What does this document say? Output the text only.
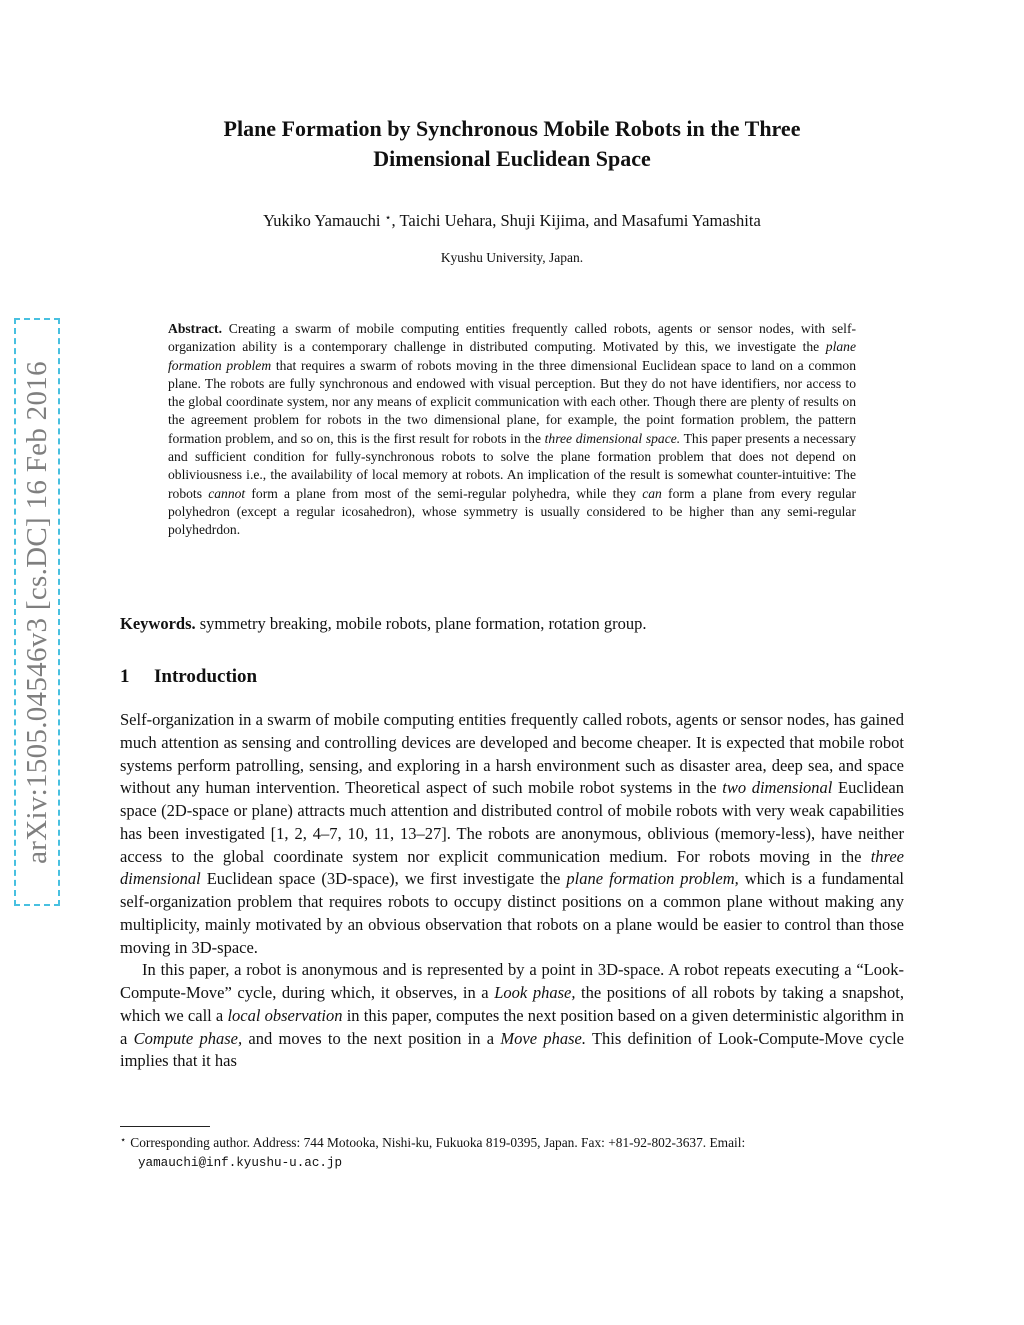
arXiv:1505.04546v3 [cs.DC] 16 Feb 2016
Plane Formation by Synchronous Mobile Robots in the Three
Dimensional Euclidean Space
Yukiko Yamauchi ⋆, Taichi Uehara, Shuji Kijima, and Masafumi Yamashita
Kyushu University, Japan.
Abstract. Creating a swarm of mobile computing entities frequently called robots, agents or sensor nodes, with self-organization ability is a contemporary challenge in distributed computing. Motivated by this, we investigate the plane formation problem that requires a swarm of robots moving in the three dimensional Euclidean space to land on a common plane. The robots are fully synchronous and endowed with visual perception. But they do not have identifiers, nor access to the global coordinate system, nor any means of explicit communication with each other. Though there are plenty of results on the agreement problem for robots in the two dimensional plane, for example, the point formation problem, the pattern formation problem, and so on, this is the first result for robots in the three dimensional space. This paper presents a necessary and sufficient condition for fully-synchronous robots to solve the plane formation problem that does not depend on obliviousness i.e., the availability of local memory at robots. An implication of the result is somewhat counter-intuitive: The robots cannot form a plane from most of the semi-regular polyhedra, while they can form a plane from every regular polyhedron (except a regular icosahedron), whose symmetry is usually considered to be higher than any semi-regular polyhedrdon.
Keywords. symmetry breaking, mobile robots, plane formation, rotation group.
1 Introduction

Self-organization in a swarm of mobile computing entities frequently called robots, agents or sensor nodes, has gained much attention as sensing and controlling devices are developed and become cheaper. It is expected that mobile robot systems perform patrolling, sensing, and exploring in a harsh environment such as disaster area, deep sea, and space without any human intervention. Theoretical aspect of such mobile robot systems in the two dimensional Euclidean space (2D-space or plane) attracts much attention and distributed control of mobile robots with very weak capabilities has been investigated [1, 2, 4–7, 10, 11, 13–27]. The robots are anonymous, oblivious (memory-less), have neither access to the global coordinate system nor explicit communication medium. For robots moving in the three dimensional Euclidean space (3D-space), we first investigate the plane formation problem, which is a fundamental self-organization problem that requires robots to occupy distinct positions on a common plane without making any multiplicity, mainly motivated by an obvious observation that robots on a plane would be easier to control than those moving in 3D-space.

In this paper, a robot is anonymous and is represented by a point in 3D-space. A robot repeats executing a “Look-Compute-Move” cycle, during which, it observes, in a Look phase, the positions of all robots by taking a snapshot, which we call a local observation in this paper, computes the next position based on a given deterministic algorithm in a Compute phase, and moves to the next position in a Move phase. This definition of Look-Compute-Move cycle implies that it has

⋆ Corresponding author. Address: 744 Motooka, Nishi-ku, Fukuoka 819-0395, Japan. Fax: +81-92-802-3637. Email:
yamauchi@inf.kyushu-u.ac.jp
